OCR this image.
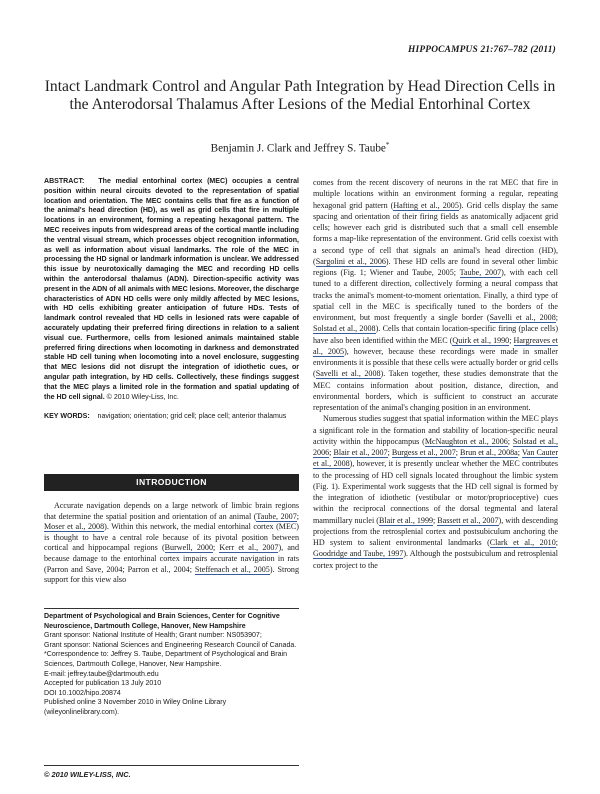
HIPPOCAMPUS 21:767–782 (2011)
Intact Landmark Control and Angular Path Integration by Head Direction Cells in the Anterodorsal Thalamus After Lesions of the Medial Entorhinal Cortex
Benjamin J. Clark and Jeffrey S. Taube*

ABSTRACT: The medial entorhinal cortex (MEC) occupies a central position within neural circuits devoted to the representation of spatial location and orientation. The MEC contains cells that fire as a function of the animal's head direction (HD), as well as grid cells that fire in multiple locations in an environment, forming a repeating hexagonal pattern. The MEC receives inputs from widespread areas of the cortical mantle including the ventral visual stream, which processes object recognition information, as well as information about visual landmarks. The role of the MEC in processing the HD signal or landmark information is unclear. We addressed this issue by neurotoxically damaging the MEC and recording HD cells within the anterodorsal thalamus (ADN). Direction-specific activity was present in the ADN of all animals with MEC lesions. Moreover, the discharge characteristics of ADN HD cells were only mildly affected by MEC lesions, with HD cells exhibiting greater anticipation of future HDs. Tests of landmark control revealed that HD cells in lesioned rats were capable of accurately updating their preferred firing directions in relation to a salient visual cue. Furthermore, cells from lesioned animals maintained stable preferred firing directions when locomoting in darkness and demonstrated stable HD cell tuning when locomoting into a novel enclosure, suggesting that MEC lesions did not disrupt the integration of idiothetic cues, or angular path integration, by HD cells. Collectively, these findings suggest that the MEC plays a limited role in the formation and spatial updating of the HD cell signal. © 2010 Wiley-Liss, Inc.

KEY WORDS: navigation; orientation; grid cell; place cell; anterior thalamus
INTRODUCTION

Accurate navigation depends on a large network of limbic brain regions that determine the spatial position and orientation of an animal (Taube, 2007; Moser et al., 2008). Within this network, the medial entorhinal cortex (MEC) is thought to have a central role because of its pivotal position between cortical and hippocampal regions (Burwell, 2000; Kerr et al., 2007), and because damage to the entorhinal cortex impairs accurate navigation in rats (Parron and Save, 2004; Parron et al., 2004; Steffenach et al., 2005). Strong support for this view also

Department of Psychological and Brain Sciences, Center for Cognitive Neuroscience, Dartmouth College, Hanover, New Hampshire

Grant sponsor: National Institute of Health; Grant number: NS053907;

Grant sponsor: National Sciences and Engineering Research Council of Canada.

*Correspondence to: Jeffrey S. Taube, Department of Psychological and Brain Sciences, Dartmouth College, Hanover, New Hampshire.

E-mail: jeffrey.taube@dartmouth.edu

Accepted for publication 13 July 2010

DOI 10.1002/hipo.20874

Published online 3 November 2010 in Wiley Online Library (wileyonlinelibrary.com).

© 2010 WILEY-LISS, INC.

comes from the recent discovery of neurons in the rat MEC that fire in multiple locations within an environment forming a regular, repeating hexagonal grid pattern (Hafting et al., 2005). Grid cells display the same spacing and orientation of their firing fields as anatomically adjacent grid cells; however each grid is distributed such that a small cell ensemble forms a map-like representation of the environment. Grid cells coexist with a second type of cell that signals an animal's head direction (HD), (Sargolini et al., 2006). These HD cells are found in several other limbic regions (Fig. 1; Wiener and Taube, 2005; Taube, 2007), with each cell tuned to a different direction, collectively forming a neural compass that tracks the animal's moment-to-moment orientation. Finally, a third type of spatial cell in the MEC is specifically tuned to the borders of the environment, but most frequently a single border (Savelli et al., 2008; Solstad et al., 2008). Cells that contain location-specific firing (place cells) have also been identified within the MEC (Quirk et al., 1990; Hargreaves et al., 2005), however, because these recordings were made in smaller environments it is possible that these cells were actually border or grid cells (Savelli et al., 2008). Taken together, these studies demonstrate that the MEC contains information about position, distance, direction, and environmental borders, which is sufficient to construct an accurate representation of the animal's changing position in an environment.

Numerous studies suggest that spatial information within the MEC plays a significant role in the formation and stability of location-specific neural activity within the hippocampus (McNaughton et al., 2006; Solstad et al., 2006; Blair et al., 2007; Burgess et al., 2007; Brun et al., 2008a; Van Cauter et al., 2008), however, it is presently unclear whether the MEC contributes to the processing of HD cell signals located throughout the limbic system (Fig. 1). Experimental work suggests that the HD cell signal is formed by the integration of idiothetic (vestibular or motor/proprioceptive) cues within the reciprocal connections of the dorsal tegmental and lateral mammillary nuclei (Blair et al., 1999; Bassett et al., 2007), with descending projections from the retrosplenial cortex and postsubiculum anchoring the HD system to salient environmental landmarks (Clark et al., 2010; Goodridge and Taube, 1997). Although the postsubiculum and retrosplenial cortex project to the
